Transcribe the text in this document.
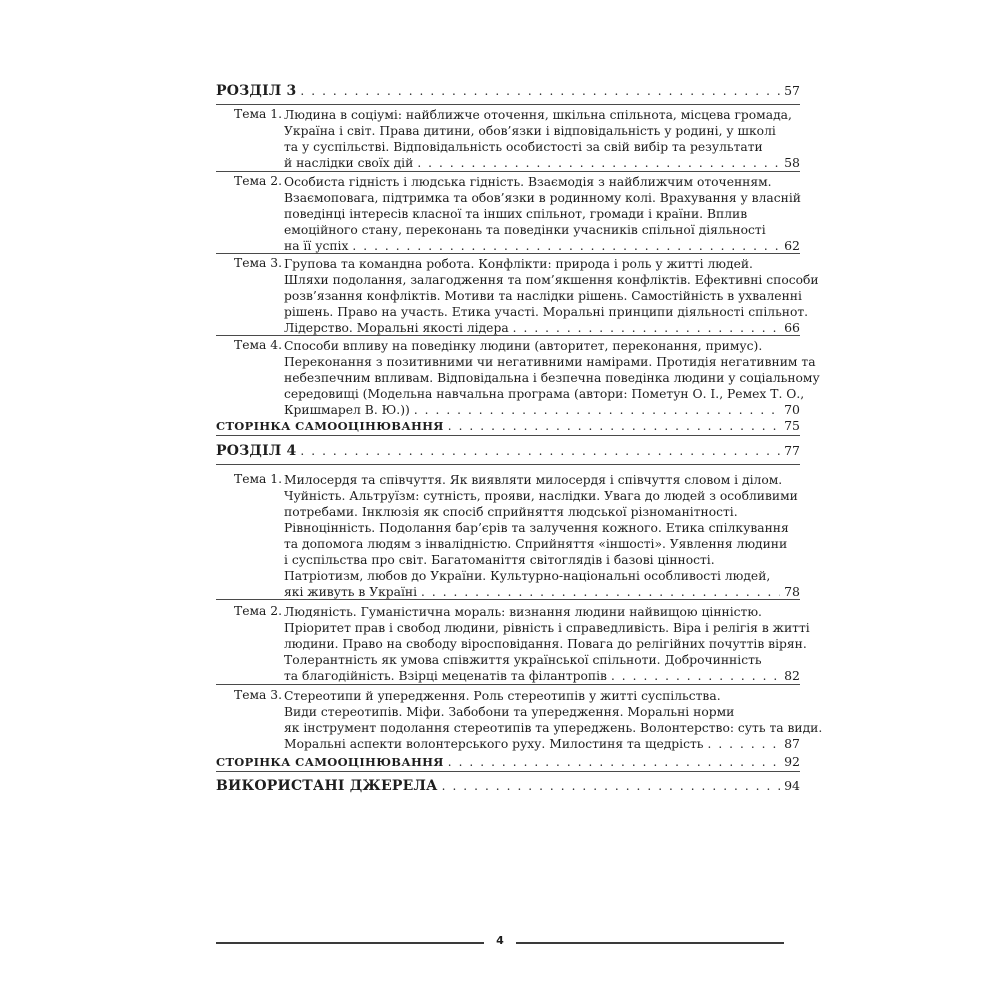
РОЗДІЛ 3 . . .	57
Тема 1. Людина в соціумі: найближче оточення, шкільна спільнота, місцева громада,
Україна і світ. Права дитини, обов’язки і відповідальність у родині, у школі
та у суспільстві. Відповідальність особистості за свій вибір та результати
й наслідки своїх дій . . .	58
Тема 2. Особиста гідність і людська гідність. Взаємодія з найближчим оточенням.
Взаємоповага, підтримка та обов’язки в родинному колі. Врахування у власній
поведінці інтересів класної та інших спільнот, громади і країни. Вплив
емоційного стану, переконань та поведінки учасників спільної діяльності
на її успіх . . .	62
Тема 3. Групова та командна робота. Конфлікти: природа і роль у житті людей.
Шляхи подолання, залагодження та пом’якшення конфліктів. Ефективні способи
розв’язання конфліктів. Мотиви та наслідки рішень. Самостійність в ухваленні
рішень. Право на участь. Етика участі. Моральні принципи діяльності спільнот.
Лідерство. Моральні якості лідера . . .	66
Тема 4. Способи впливу на поведінку людини (авторитет, переконання, примус).
Переконання з позитивними чи негативними намірами. Протидія негативним та
небезпечним впливам. Відповідальна і безпечна поведінка людини у соціальному
середовищі (Модельна навчальна програма (автори: Пометун О. І., Ремех Т. О.,
Кришмарел В. Ю.)) . . .	70
СТОРІНКА САМООЦІНЮВАННЯ . . .	75
РОЗДІЛ 4 . . .	77
Тема 1. Милосердя та співчуття. Як виявляти милосердя і співчуття словом і ділом.
Чуйність. Альтруїзм: сутність, прояви, наслідки. Увага до людей з особливими
потребами. Інклюзія як спосіб сприйняття людської різноманітності.
Рівноцінність. Подолання бар’єрів та залучення кожного. Етика спілкування
та допомога людям з інвалідністю. Сприйняття «іншості». Уявлення людини
і суспільства про світ. Багатоманіття світоглядів і базові цінності.
Патріотизм, любов до України. Культурно-національні особливості людей,
які живуть в Україні . . .	78
Тема 2. Людяність. Гуманістична мораль: визнання людини найвищою цінністю.
Пріоритет прав і свобод людини, рівність і справедливість. Віра і релігія в житті
людини. Право на свободу віросповідання. Повага до релігійних почуттів вірян.
Толерантність як умова співжиття української спільноти. Доброчинність
та благодійність. Взірці меценатів та філантропів . . .	82
Тема 3. Стереотипи й упередження. Роль стереотипів у житті суспільства.
Види стереотипів. Міфи. Забобони та упередження. Моральні норми
як інструмент подолання стереотипів та упереджень. Волонтерство: суть та види.
Моральні аспекти волонтерського руху. Милостиня та щедрість . . .	87
СТОРІНКА САМООЦІНЮВАННЯ . . .	92
ВИКОРИСТАНІ ДЖЕРЕЛА . . .	94
4
